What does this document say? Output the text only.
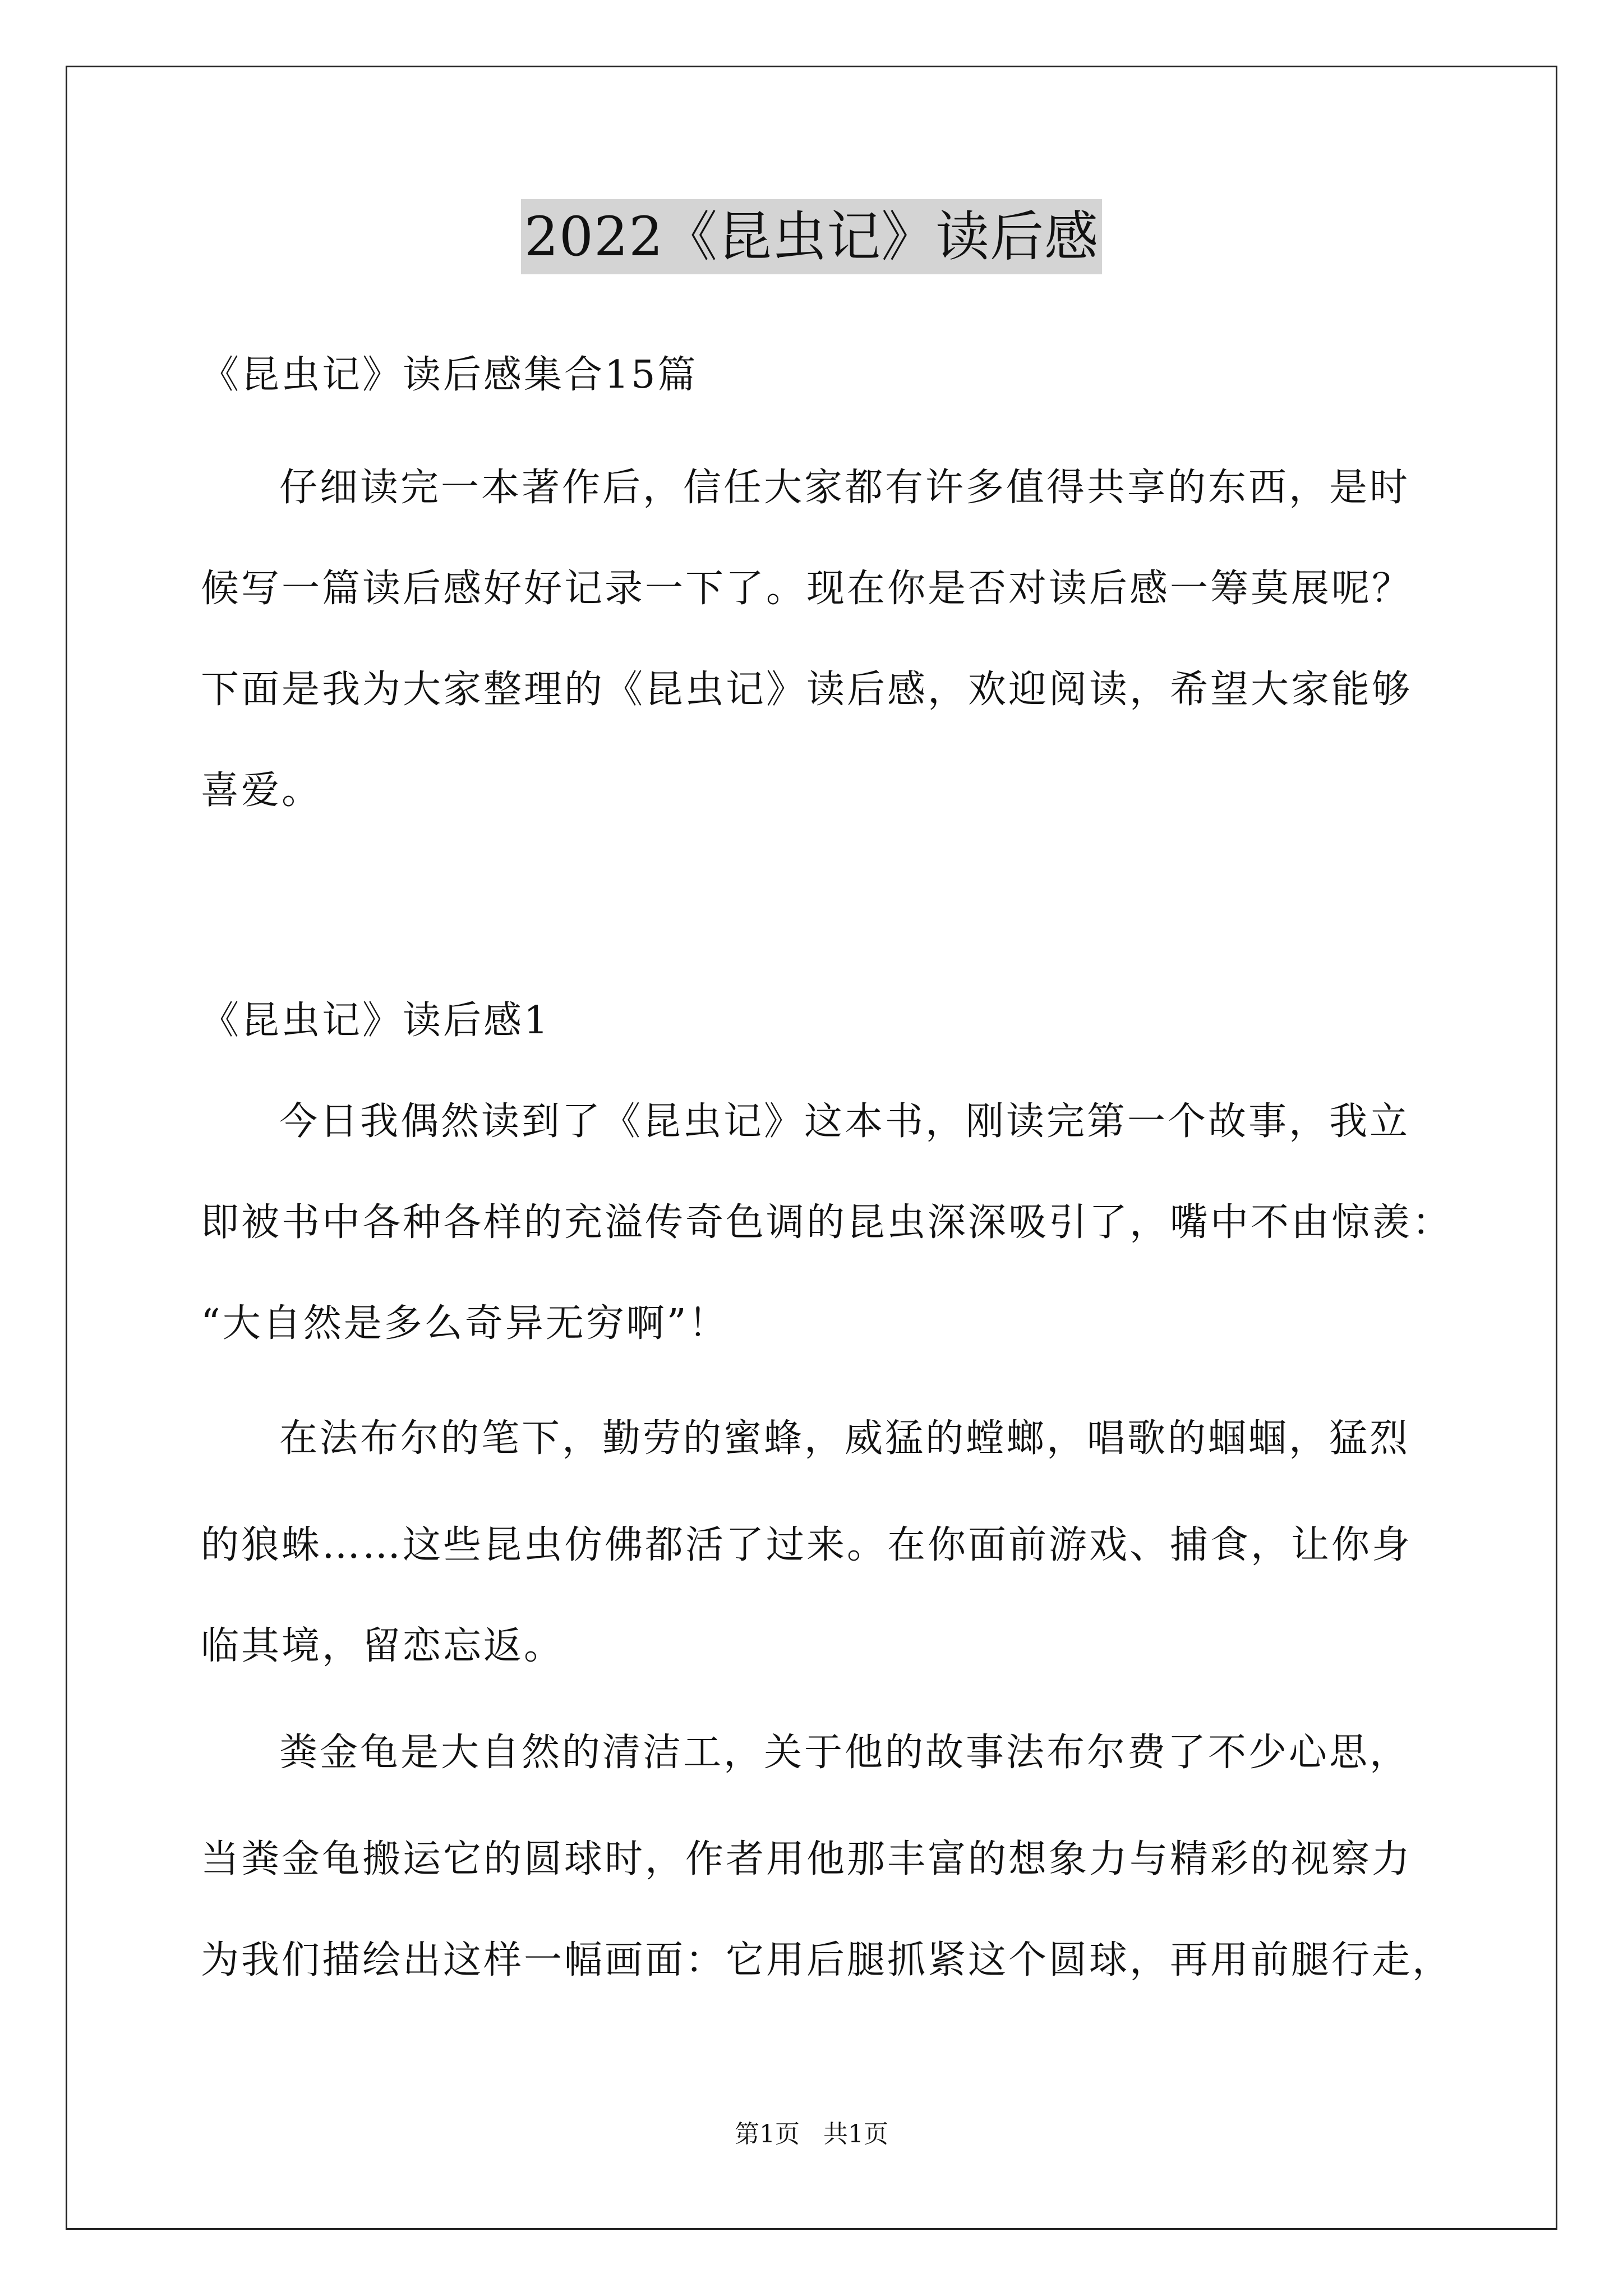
2022《昆虫记》读后感
《昆虫记》读后感集合15篇
仔细读完一本著作后，信任大家都有许多值得共享的东西，是时
候写一篇读后感好好记录一下了。现在你是否对读后感一筹莫展呢？
下面是我为大家整理的《昆虫记》读后感，欢迎阅读，希望大家能够
喜爱。
《昆虫记》读后感1
今日我偶然读到了《昆虫记》这本书，刚读完第一个故事，我立
即被书中各种各样的充溢传奇色调的昆虫深深吸引了，嘴中不由惊羡：
“大自然是多么奇异无穷啊”！
在法布尔的笔下，勤劳的蜜蜂，威猛的螳螂，唱歌的蝈蝈，猛烈
的狼蛛……这些昆虫仿佛都活了过来。在你面前游戏、捕食，让你身
临其境，留恋忘返。
粪金龟是大自然的清洁工，关于他的故事法布尔费了不少心思，
当粪金龟搬运它的圆球时，作者用他那丰富的想象力与精彩的视察力
为我们描绘出这样一幅画面：它用后腿抓紧这个圆球，再用前腿行走，
第1页   共1页
